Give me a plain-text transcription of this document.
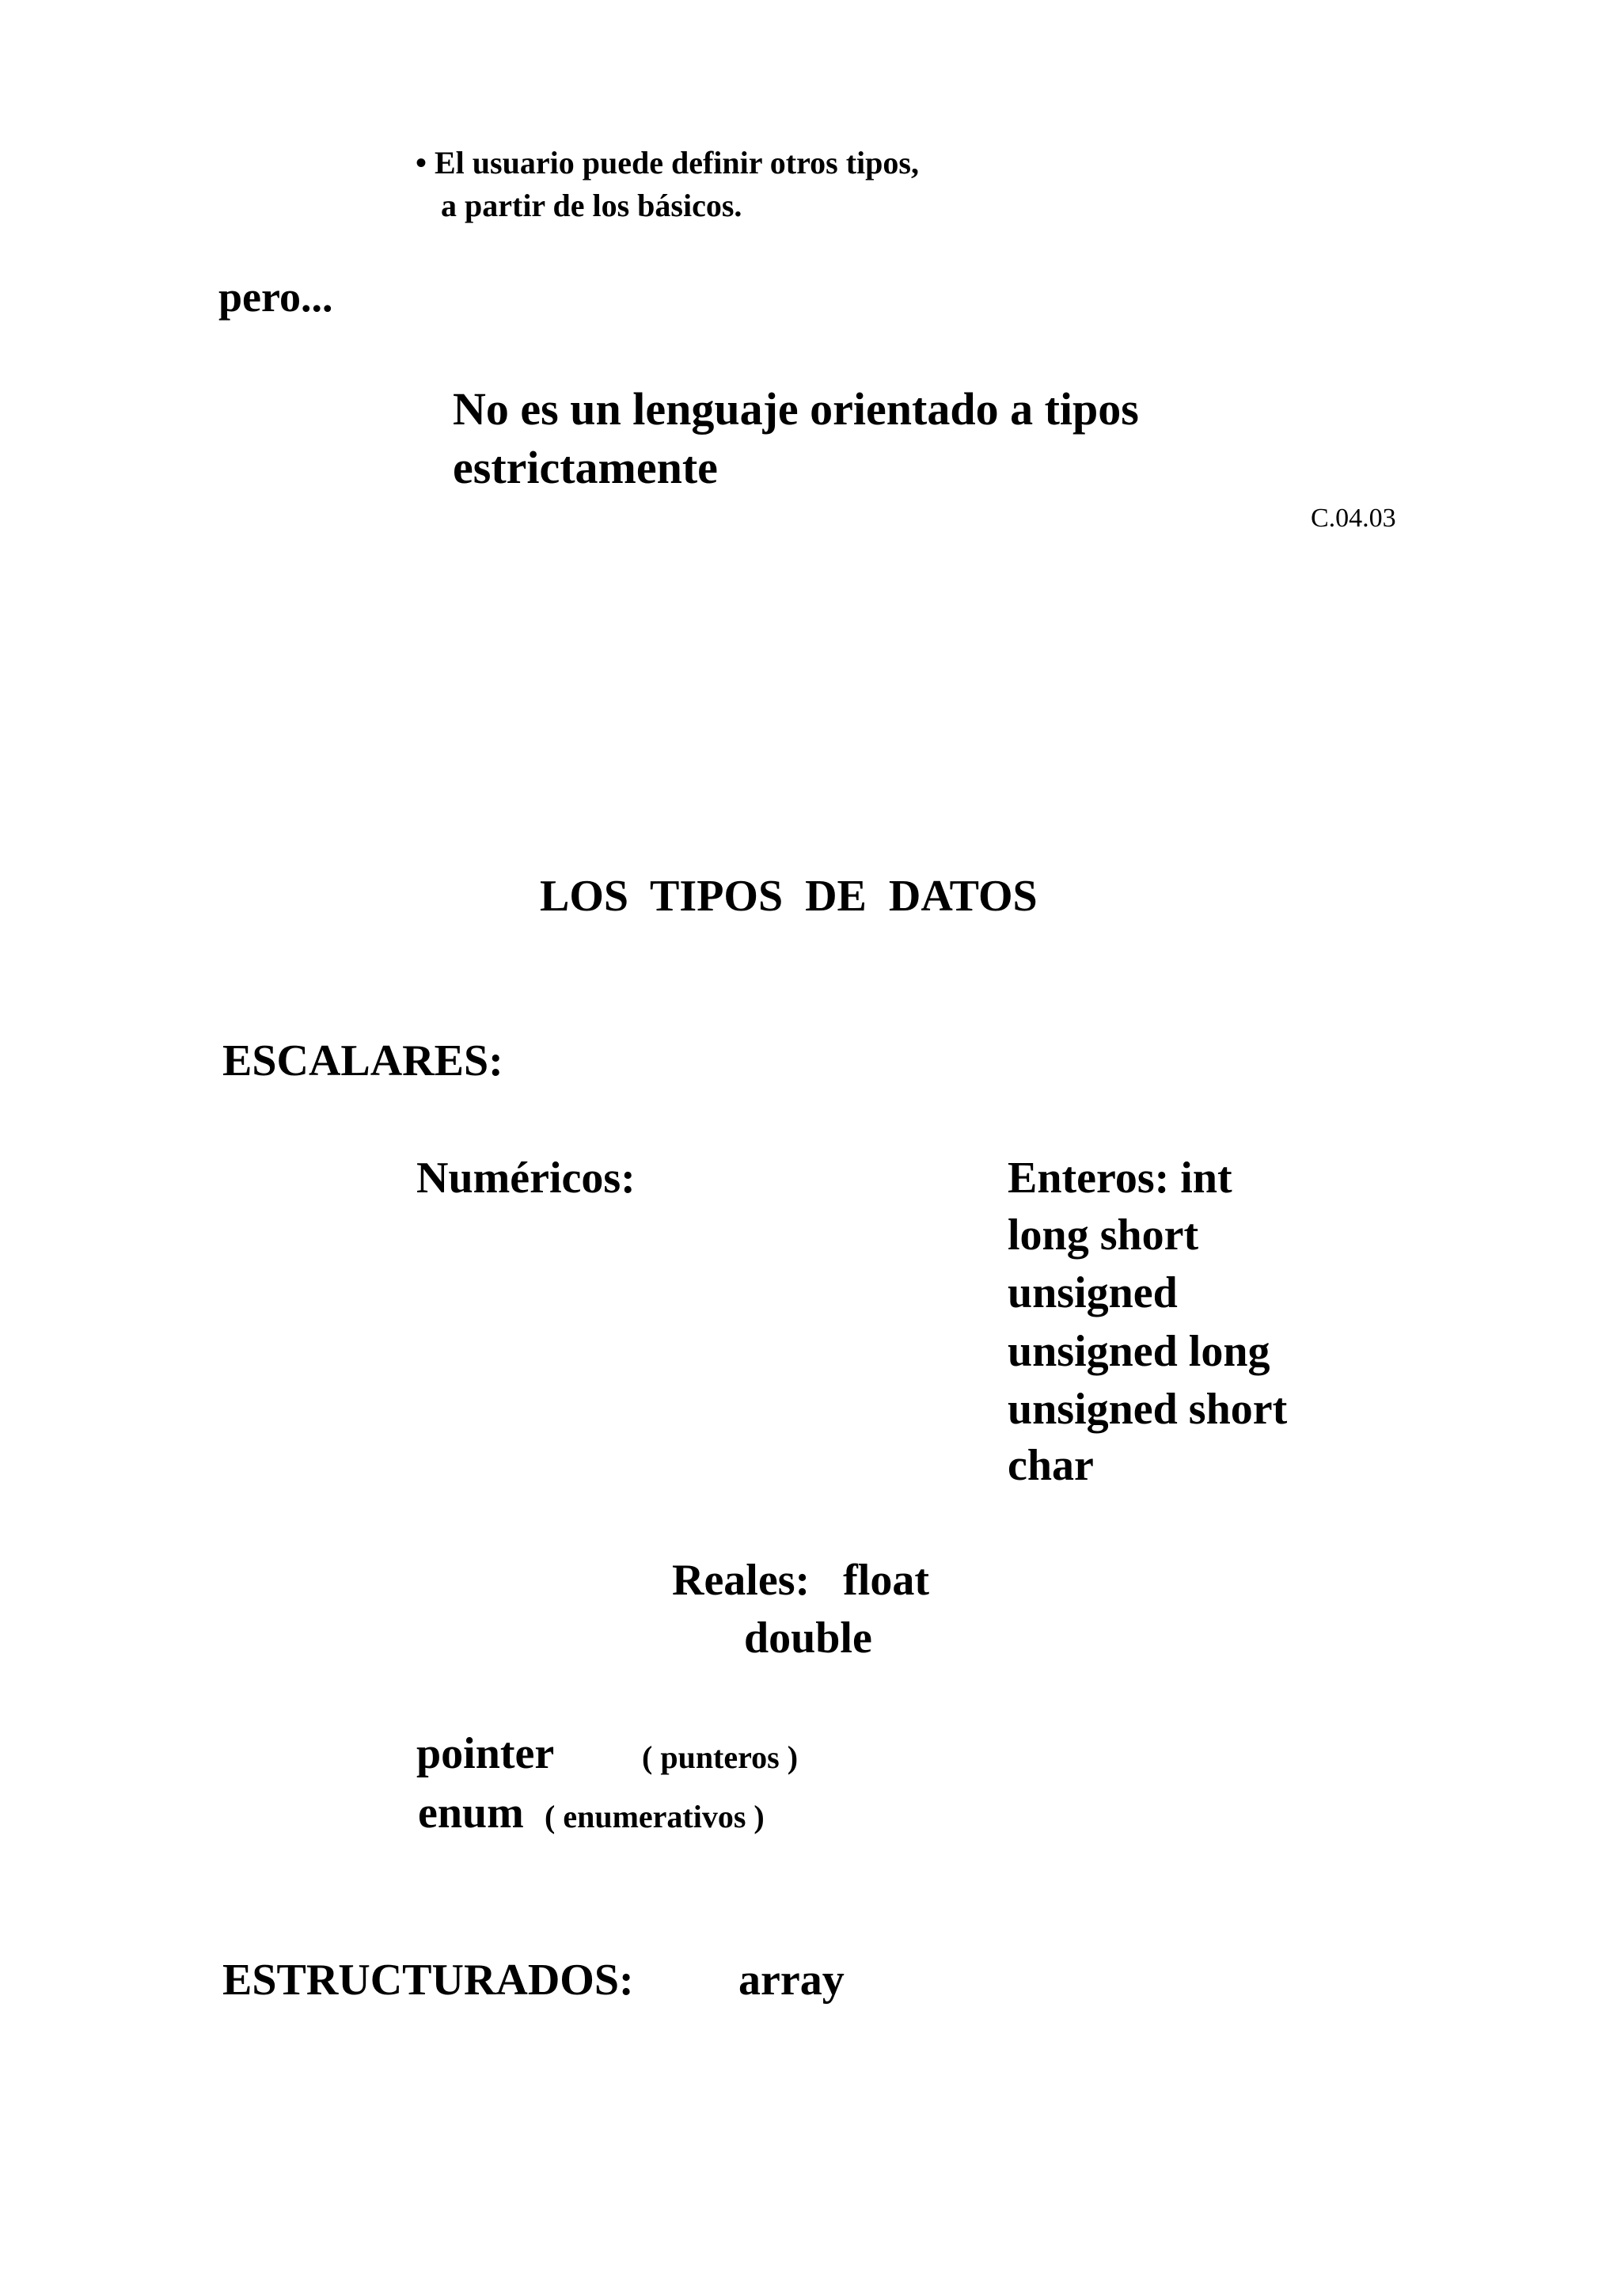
• El usuario puede definir otros tipos,

a partir de los básicos.

pero...

No es un lenguaje orientado a tipos

estrictamente

C.04.03

LOS  TIPOS  DE  DATOS

ESCALARES:

Numéricos:	Enteros: int

long short

unsigned

unsigned long

unsigned short

char

Reales:   float

double

pointer	( punteros )

enum ( enumerativos )

ESTRUCTURADOS: array
